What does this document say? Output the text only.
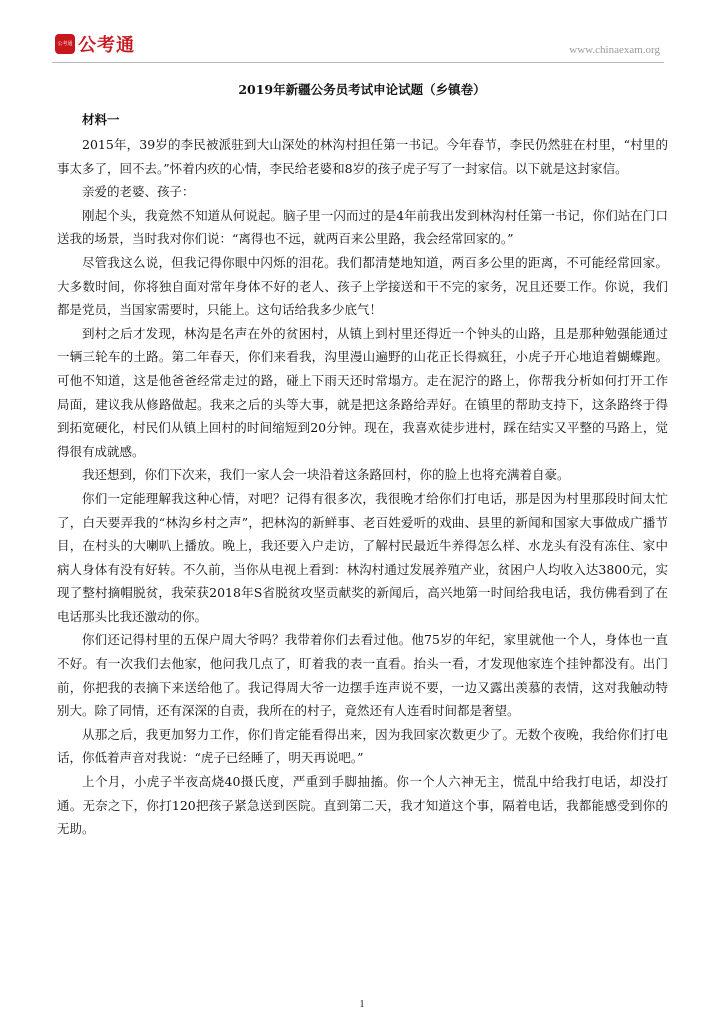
公考通 公考通	www.chinaexam.org
2019年新疆公务员考试申论试题（乡镇卷）
材料一

2015年，39岁的李民被派驻到大山深处的林沟村担任第一书记。今年春节，李民仍然驻在村里，“村里的事太多了，回不去。”怀着内疚的心情，李民给老婆和8岁的孩子虎子写了一封家信。以下就是这封家信。

亲爱的老婆、孩子：

刚起个头，我竟然不知道从何说起。脑子里一闪而过的是4年前我出发到林沟村任第一书记，你们站在门口送我的场景，当时我对你们说：“离得也不远，就两百来公里路，我会经常回家的。”

尽管我这么说，但我记得你眼中闪烁的泪花。我们都清楚地知道，两百多公里的距离，不可能经常回家。大多数时间，你将独自面对常年身体不好的老人、孩子上学接送和干不完的家务，况且还要工作。你说，我们都是党员，当国家需要时，只能上。这句话给我多少底气！

到村之后才发现，林沟是名声在外的贫困村，从镇上到村里还得近一个钟头的山路，且是那种勉强能通过一辆三轮车的土路。第二年春天，你们来看我，沟里漫山遍野的山花正长得疯狂，小虎子开心地追着蝴蝶跑。可他不知道，这是他爸爸经常走过的路，碰上下雨天还时常塌方。走在泥泞的路上，你帮我分析如何打开工作局面，建议我从修路做起。我来之后的头等大事，就是把这条路给弄好。在镇里的帮助支持下，这条路终于得到拓宽硬化，村民们从镇上回村的时间缩短到20分钟。现在，我喜欢徒步进村，踩在结实又平整的马路上，觉得很有成就感。

我还想到，你们下次来，我们一家人会一块沿着这条路回村，你的脸上也将充满着自豪。

你们一定能理解我这种心情，对吧？记得有很多次，我很晚才给你们打电话，那是因为村里那段时间太忙了，白天要弄我的“林沟乡村之声”，把林沟的新鲜事、老百姓爱听的戏曲、县里的新闻和国家大事做成广播节目，在村头的大喇叭上播放。晚上，我还要入户走访，了解村民最近牛养得怎么样、水龙头有没有冻住、家中病人身体有没有好转。不久前，当你从电视上看到：林沟村通过发展养殖产业，贫困户人均收入达3800元，实现了整村摘帽脱贫，我荣获2018年S省脱贫攻坚贡献奖的新闻后，高兴地第一时间给我电话，我仿佛看到了在电话那头比我还激动的你。

你们还记得村里的五保户周大爷吗？我带着你们去看过他。他75岁的年纪，家里就他一个人，身体也一直不好。有一次我们去他家，他问我几点了，盯着我的表一直看。抬头一看，才发现他家连个挂钟都没有。出门前，你把我的表摘下来送给他了。我记得周大爷一边摆手连声说不要，一边又露出羡慕的表情，这对我触动特别大。除了同情，还有深深的自责，我所在的村子，竟然还有人连看时间都是奢望。

从那之后，我更加努力工作，你们肯定能看得出来，因为我回家次数更少了。无数个夜晚，我给你们打电话，你低着声音对我说：“虎子已经睡了，明天再说吧。”

上个月，小虎子半夜高烧40摄氏度，严重到手脚抽搐。你一个人六神无主，慌乱中给我打电话，却没打通。无奈之下，你打120把孩子紧急送到医院。直到第二天，我才知道这个事，隔着电话，我都能感受到你的无助。

1
